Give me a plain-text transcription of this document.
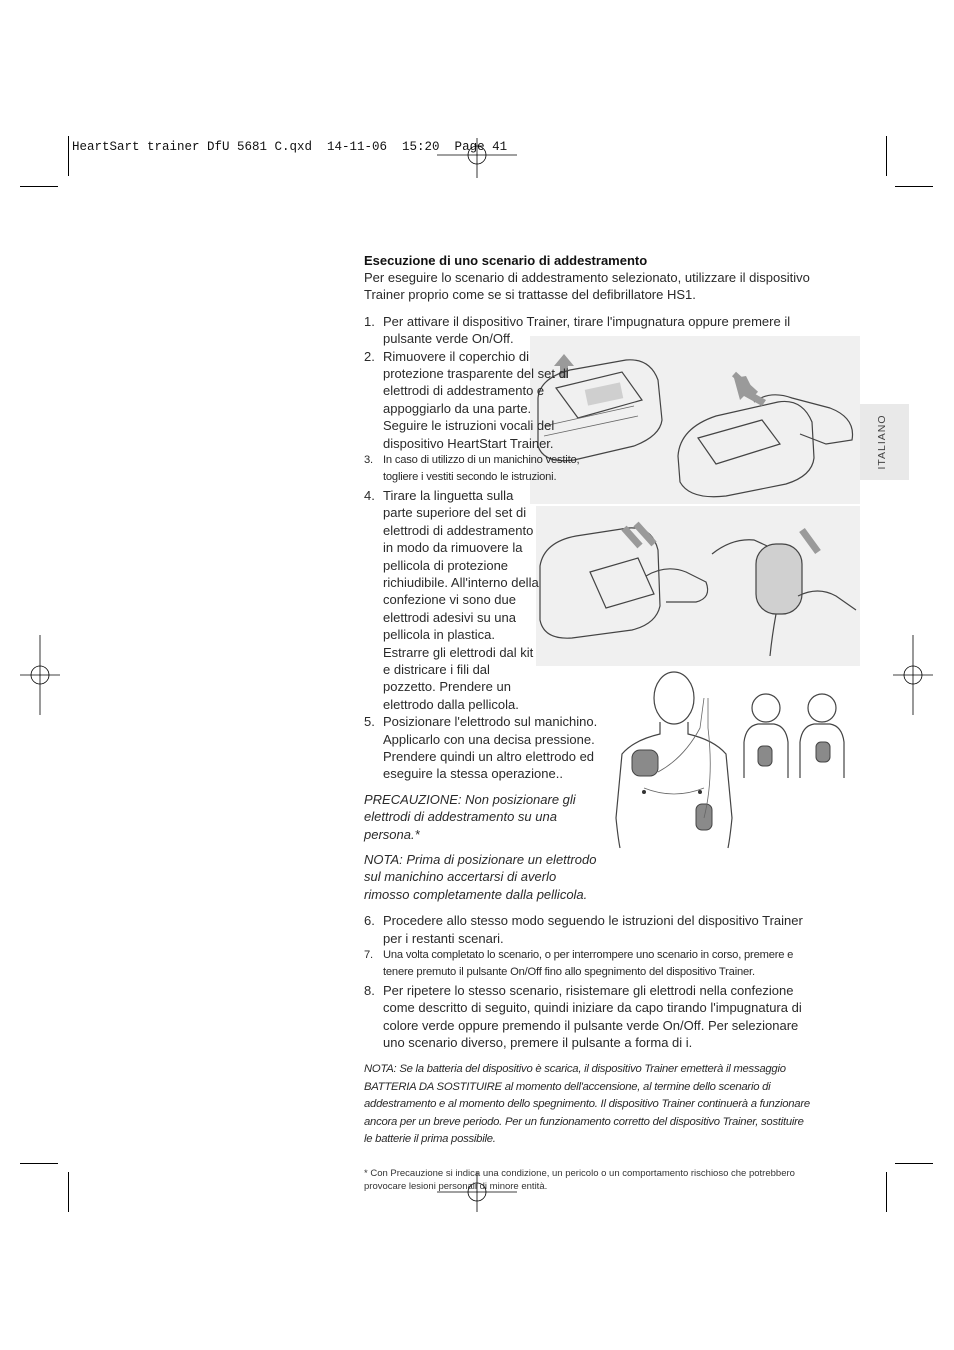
HeartSart trainer DfU 5681 C.qxd  14-11-06  15:20  Page 41
ITALIANO
Esecuzione di uno scenario di addestramento

Per eseguire lo scenario di addestramento selezionato, utilizzare il dispositivo Trainer proprio come se si trattasse del defibrillatore HS1.

1. Per attivare il dispositivo Trainer, tirare l'impugnatura oppure premere il pulsante verde On/Off.
2. Rimuovere il coperchio di protezione trasparente del set di elettrodi di addestramento e appoggiarlo da una parte. Seguire le istruzioni vocali del dispositivo HeartStart Trainer.
3. In caso di utilizzo di un manichino vestito, togliere i vestiti secondo le istruzioni.
4. Tirare la linguetta sulla parte superiore del set di elettrodi di addestramento in modo da rimuovere la pellicola di protezione richiudibile. All'interno della confezione vi sono due elettrodi adesivi su una pellicola in plastica. Estrarre gli elettrodi dal kit e districare i fili dal pozzetto. Prendere un elettrodo dalla pellicola.
5. Posizionare l'elettrodo sul manichino. Applicarlo con una decisa pressione. Prendere quindi un altro elettrodo ed eseguire la stessa operazione..

PRECAUZIONE: Non posizionare gli elettrodi di addestramento su una persona.*

NOTA: Prima di posizionare un elettrodo sul manichino accertarsi di averlo rimosso completamente dalla pellicola.

6. Procedere allo stesso modo seguendo le istruzioni del dispositivo Trainer per i restanti scenari.
7. Una volta completato lo scenario, o per interrompere uno scenario in corso, premere e tenere premuto il pulsante On/Off fino allo spegnimento del dispositivo Trainer.
8. Per ripetere lo stesso scenario, risistemare gli elettrodi nella confezione come descritto di seguito, quindi iniziare da capo tirando l'impugnatura di colore verde oppure premendo il pulsante verde On/Off. Per selezionare uno scenario diverso, premere il pulsante a forma di i.

NOTA: Se la batteria del dispositivo è scarica, il dispositivo Trainer emetterà il messaggio BATTERIA DA SOSTITUIRE al momento dell'accensione, al termine dello scenario di addestramento e al momento dello spegnimento. Il dispositivo Trainer continuerà a funzionare ancora per un breve periodo. Per un funzionamento corretto del dispositivo Trainer, sostituire le batterie il prima possibile.

* Con Precauzione si indica una condizione, un pericolo o un comportamento rischioso che potrebbero provocare lesioni personali di minore entità.
